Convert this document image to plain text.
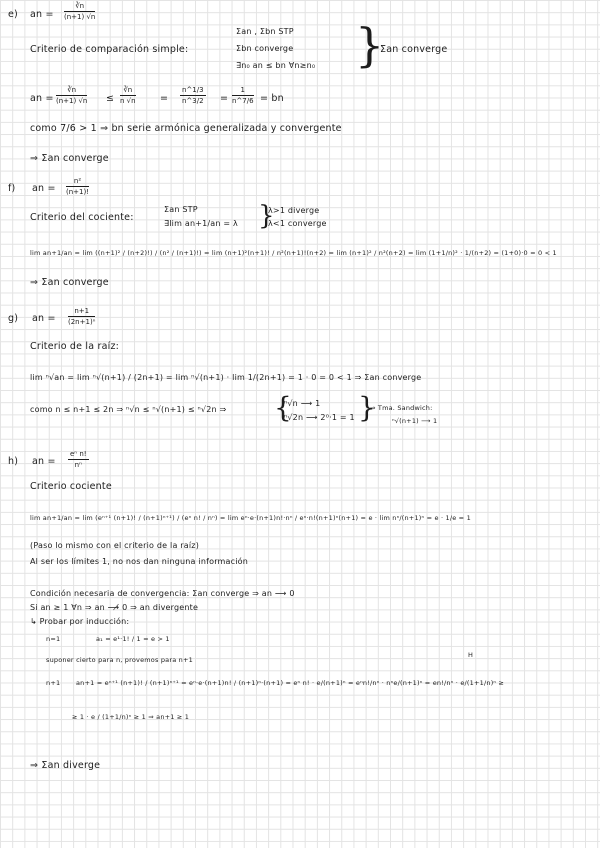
e) an = $\frac{∛n}{(n+1) √n}$
Criterio de comparación simple:
Σan , Σbn STP
Σbn converge
∃n₀ an ≤ bn ∀n≥n₀ }
Σan converge
an = $\frac{∛n}{(n+1) √n} \le \frac{∛n}{n √n}$	= $\frac{n\^{}1/3}{n\^{}3/2} = \frac{1}{n\^{}7/6}$ = bn
como 7/6 > 1 ⇒ bn serie armónica generalizada y convergente
⇒ Σan converge
f) an = $\frac{\text{n²}}{(n+1)!}$
Criterio del cociente:
Σan STP
∃lim an+1/an = λ }
λ>1 diverge
λ<1 converge
lim an+1/an = lim ((n+1)² / (n+2)!) / (n² / (n+1)!) = lim (n+1)²(n+1)! / n²(n+1)!(n+2) = lim (n+1)² / n²(n+2) = lim (1+1/n)² · 1/(n+2) = (1+0)·0 = 0 < 1
⇒ Σan converge
g) an = $\frac{n+1}{\text{(2n+1)ⁿ}}$
Criterio de la raíz:
lim ⁿ√an = lim ⁿ√(n+1) / (2n+1) = lim ⁿ√(n+1) · lim 1/(2n+1) = 1 · 0 = 0 < 1 ⇒ Σan converge
como n ≤ n+1 ≤ 2n ⇒ ⁿ√n ≤ ⁿ√(n+1) ≤ ⁿ√2n ⇒ {
ⁿ√n ⟶ 1
ⁿ√2n ⟶ 2⁰·1 = 1 }
⇒ Tma. Sandwich:
ⁿ√(n+1) ⟶ 1
h) an = $\frac{\text{eⁿ n!}}{\text{nⁿ}}$
Criterio cociente
lim an+1/an = lim (eⁿ⁺¹ (n+1)! / (n+1)ⁿ⁺¹) / (eⁿ n! / nⁿ) = lim eⁿ·e·(n+1)n!·nⁿ / eⁿ·n!(n+1)ⁿ(n+1) = e · lim nⁿ/(n+1)ⁿ = e · 1/e = 1
(Paso lo mismo con el criterio de la raíz)
Al ser los límites 1, no nos dan ninguna información
Condición necesaria de convergencia: Σan converge ⇒ an ⟶ 0
Si an ≥ 1 ∀n ⇒ an ⟶̸ 0 ⇒ an divergente
↳ Probar por inducción:
n=1	a₁ = e¹·1! / 1 = e > 1
suponer cierto para n, provemos para n+1
H
n+1 an+1 = eⁿ⁺¹ (n+1)! / (n+1)ⁿ⁺¹ = eⁿ·e·(n+1)n! / (n+1)ⁿ·(n+1) = eⁿ n! · e/(n+1)ⁿ = eⁿn!/nⁿ · nⁿe/(n+1)ⁿ = en!/nⁿ · e/(1+1/n)ⁿ ≥
≥ 1 · e / (1+1/n)ⁿ ≥ 1 ⇒ an+1 ≥ 1
⇒ Σan diverge
